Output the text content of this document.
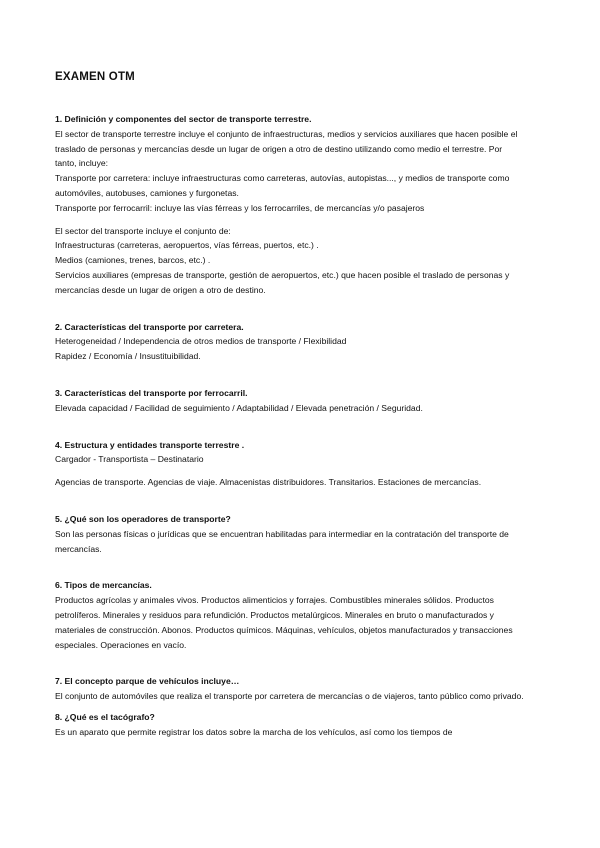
EXAMEN OTM
1. Definición y componentes del sector de transporte terrestre.

El sector de transporte terrestre incluye el conjunto de infraestructuras, medios y servicios auxiliares que hacen posible el traslado de personas y mercancías desde un lugar de origen a otro de destino utilizando como medio el terrestre. Por tanto, incluye:

Transporte por carretera: incluye infraestructuras como carreteras, autovías, autopistas..., y medios de transporte como automóviles, autobuses, camiones y furgonetas.

Transporte por ferrocarril: incluye las vías férreas y los ferrocarriles, de mercancías y/o pasajeros

El sector del transporte incluye el conjunto de:

Infraestructuras (carreteras, aeropuertos, vías férreas, puertos, etc.) .

Medios (camiones, trenes, barcos, etc.) .

Servicios auxiliares (empresas de transporte, gestión de aeropuertos, etc.) que hacen posible el traslado de personas y mercancías desde un lugar de origen a otro de destino.

2. Características del transporte por carretera.

Heterogeneidad / Independencia de otros medios de transporte / Flexibilidad

Rapidez / Economía / Insustituibilidad.

3. Características del transporte por ferrocarril.

Elevada capacidad / Facilidad de seguimiento / Adaptabilidad / Elevada penetración / Seguridad.

4. Estructura y entidades transporte terrestre .

Cargador - Transportista – Destinatario

Agencias de transporte. Agencias de viaje. Almacenistas distribuidores. Transitarios. Estaciones de mercancías.

5. ¿Qué son los operadores de transporte?

Son las personas físicas o jurídicas que se encuentran habilitadas para intermediar en la contratación del transporte de mercancías.

6. Tipos de mercancías.

Productos agrícolas y animales vivos. Productos alimenticios y forrajes. Combustibles minerales sólidos. Productos petrolíferos. Minerales y residuos para refundición. Productos metalúrgicos. Minerales en bruto o manufacturados y materiales de construcción. Abonos. Productos químicos. Máquinas, vehículos, objetos manufacturados y transacciones especiales. Operaciones en vacío.

7. El concepto parque de vehículos incluye…

El conjunto de automóviles que realiza el transporte por carretera de mercancías o de viajeros, tanto público como privado.

8. ¿Qué es el tacógrafo?

Es un aparato que permite registrar los datos sobre la marcha de los vehículos, así como los tiempos de
